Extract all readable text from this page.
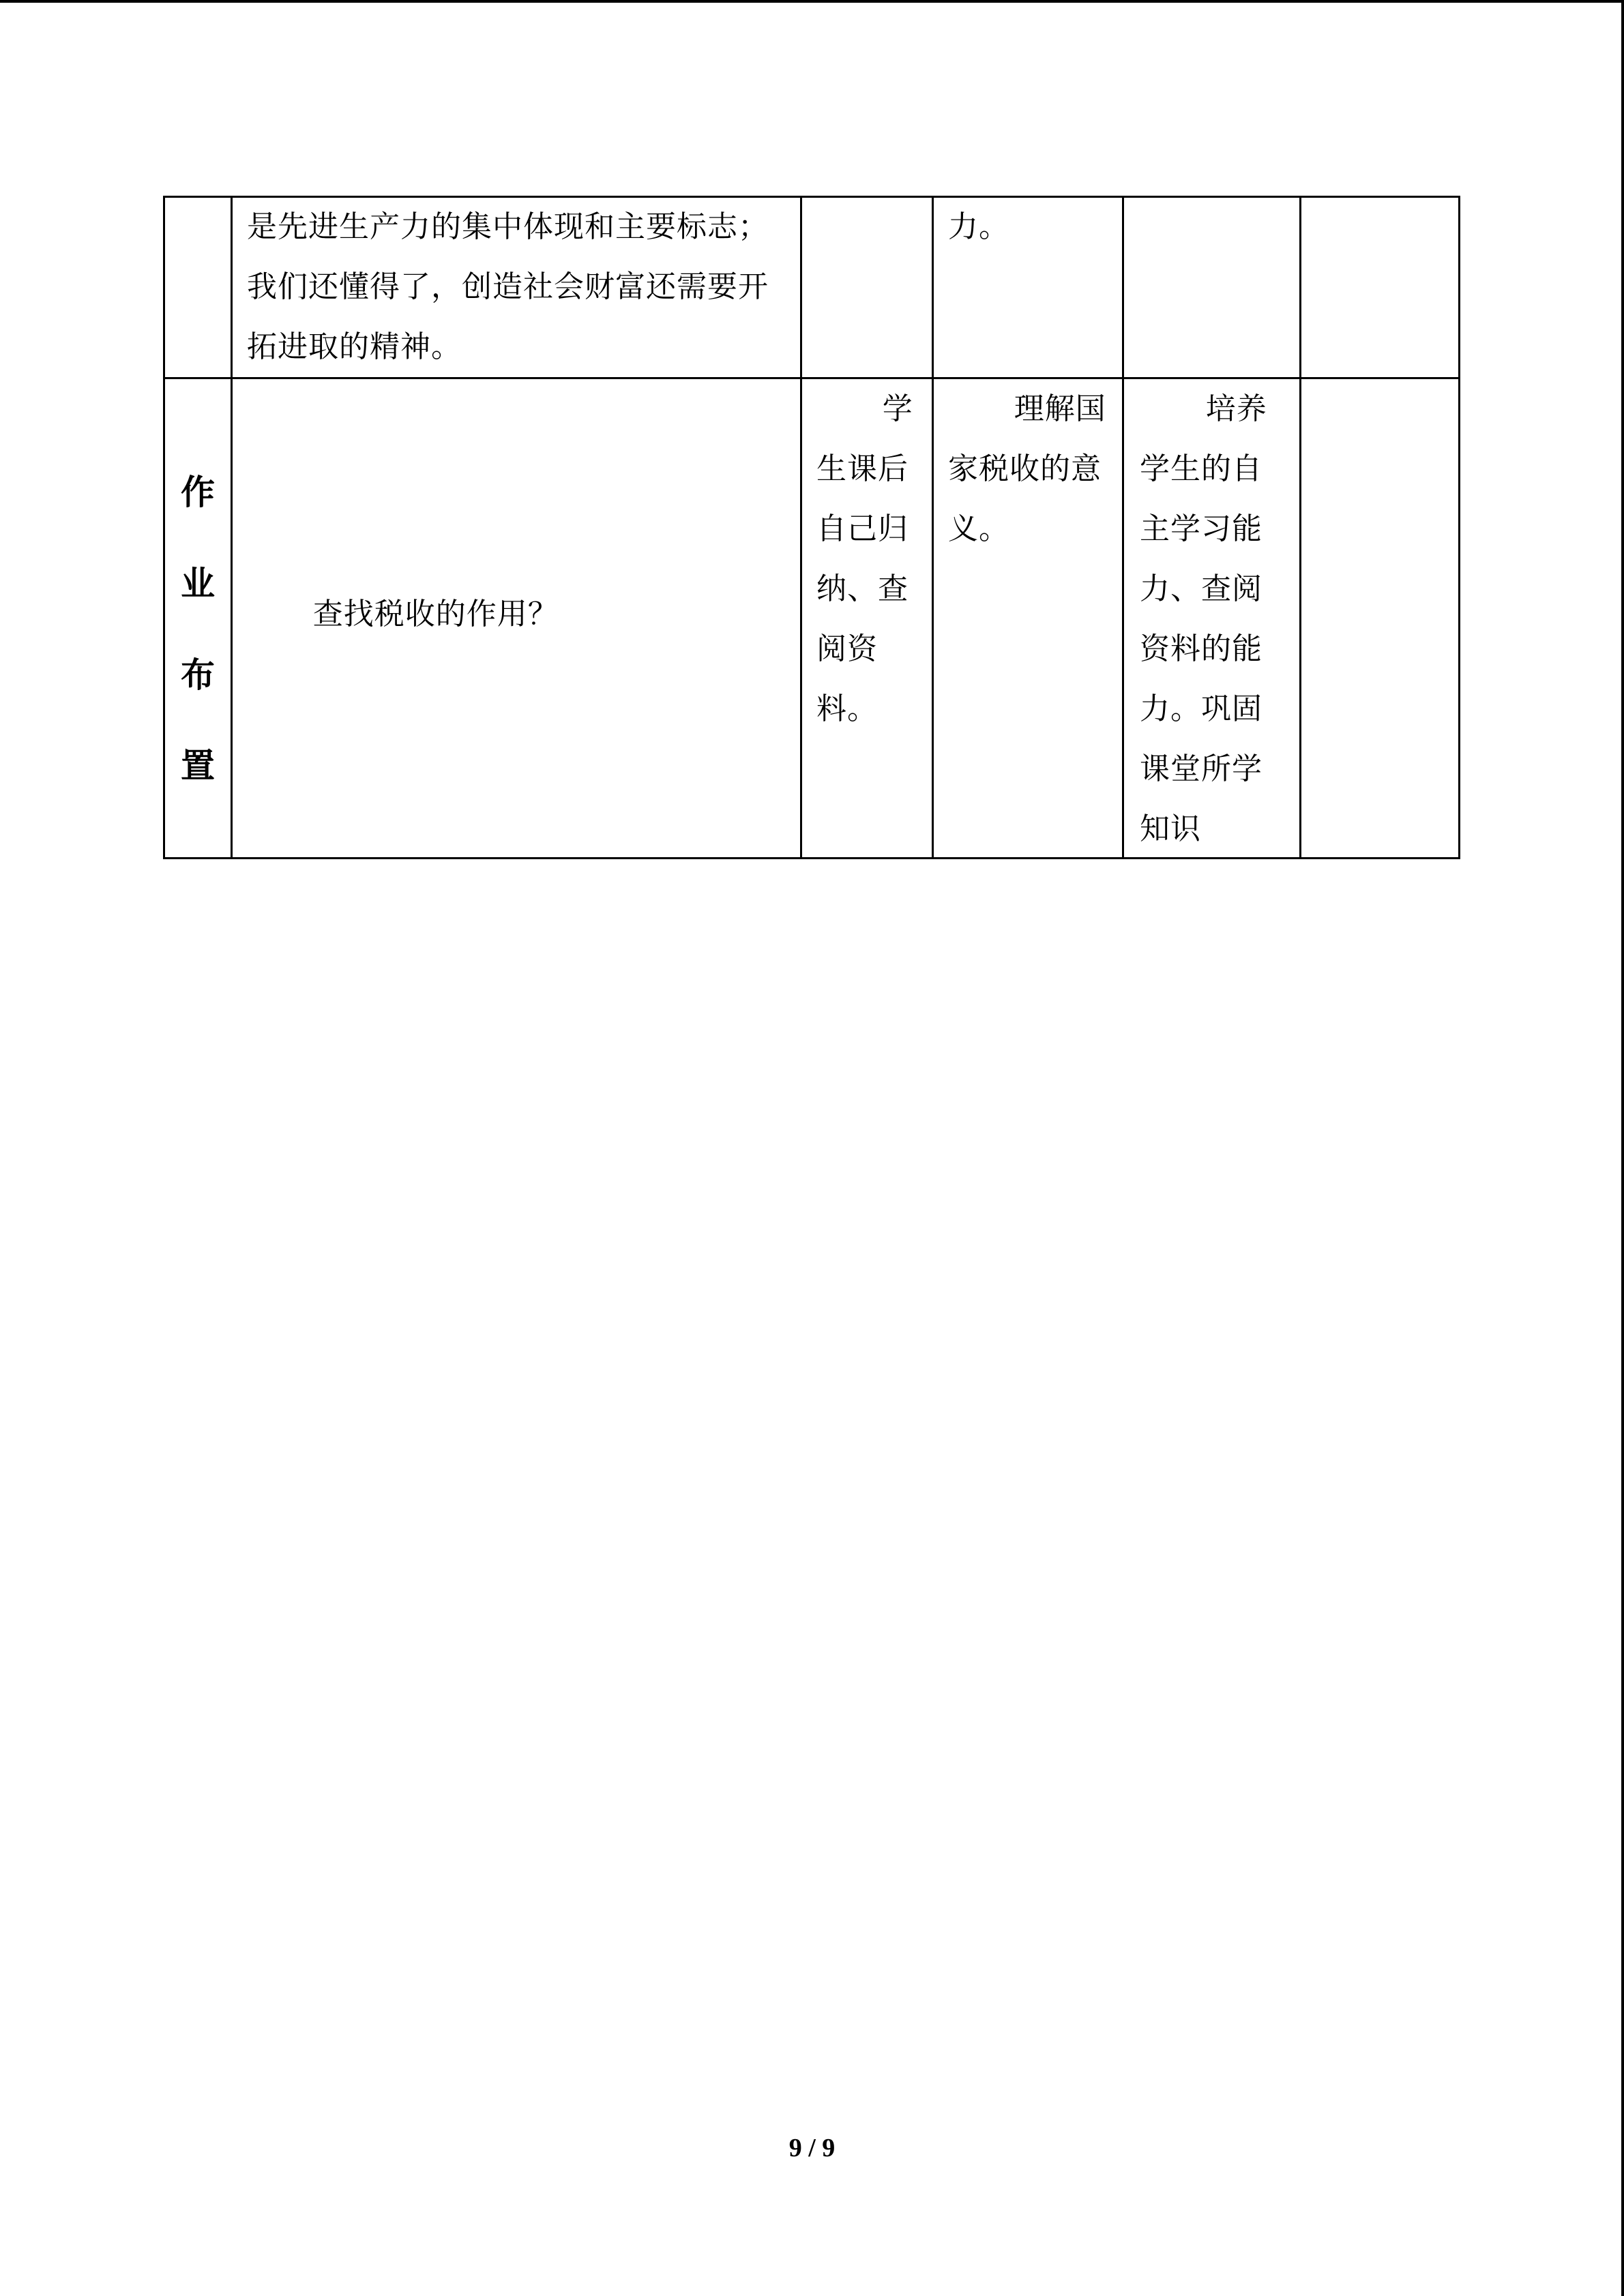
是先进生产力的集中体现和主要标志；我们还懂得了，创造社会财富还需要开拓进取的精神。
力。
作
业
布
置
查找税收的作用？
学生课后自己归纳、查阅资料。
理解国家税收的意义。
培养学生的自主学习能力、查阅资料的能力。巩固课堂所学知识
9 / 9
